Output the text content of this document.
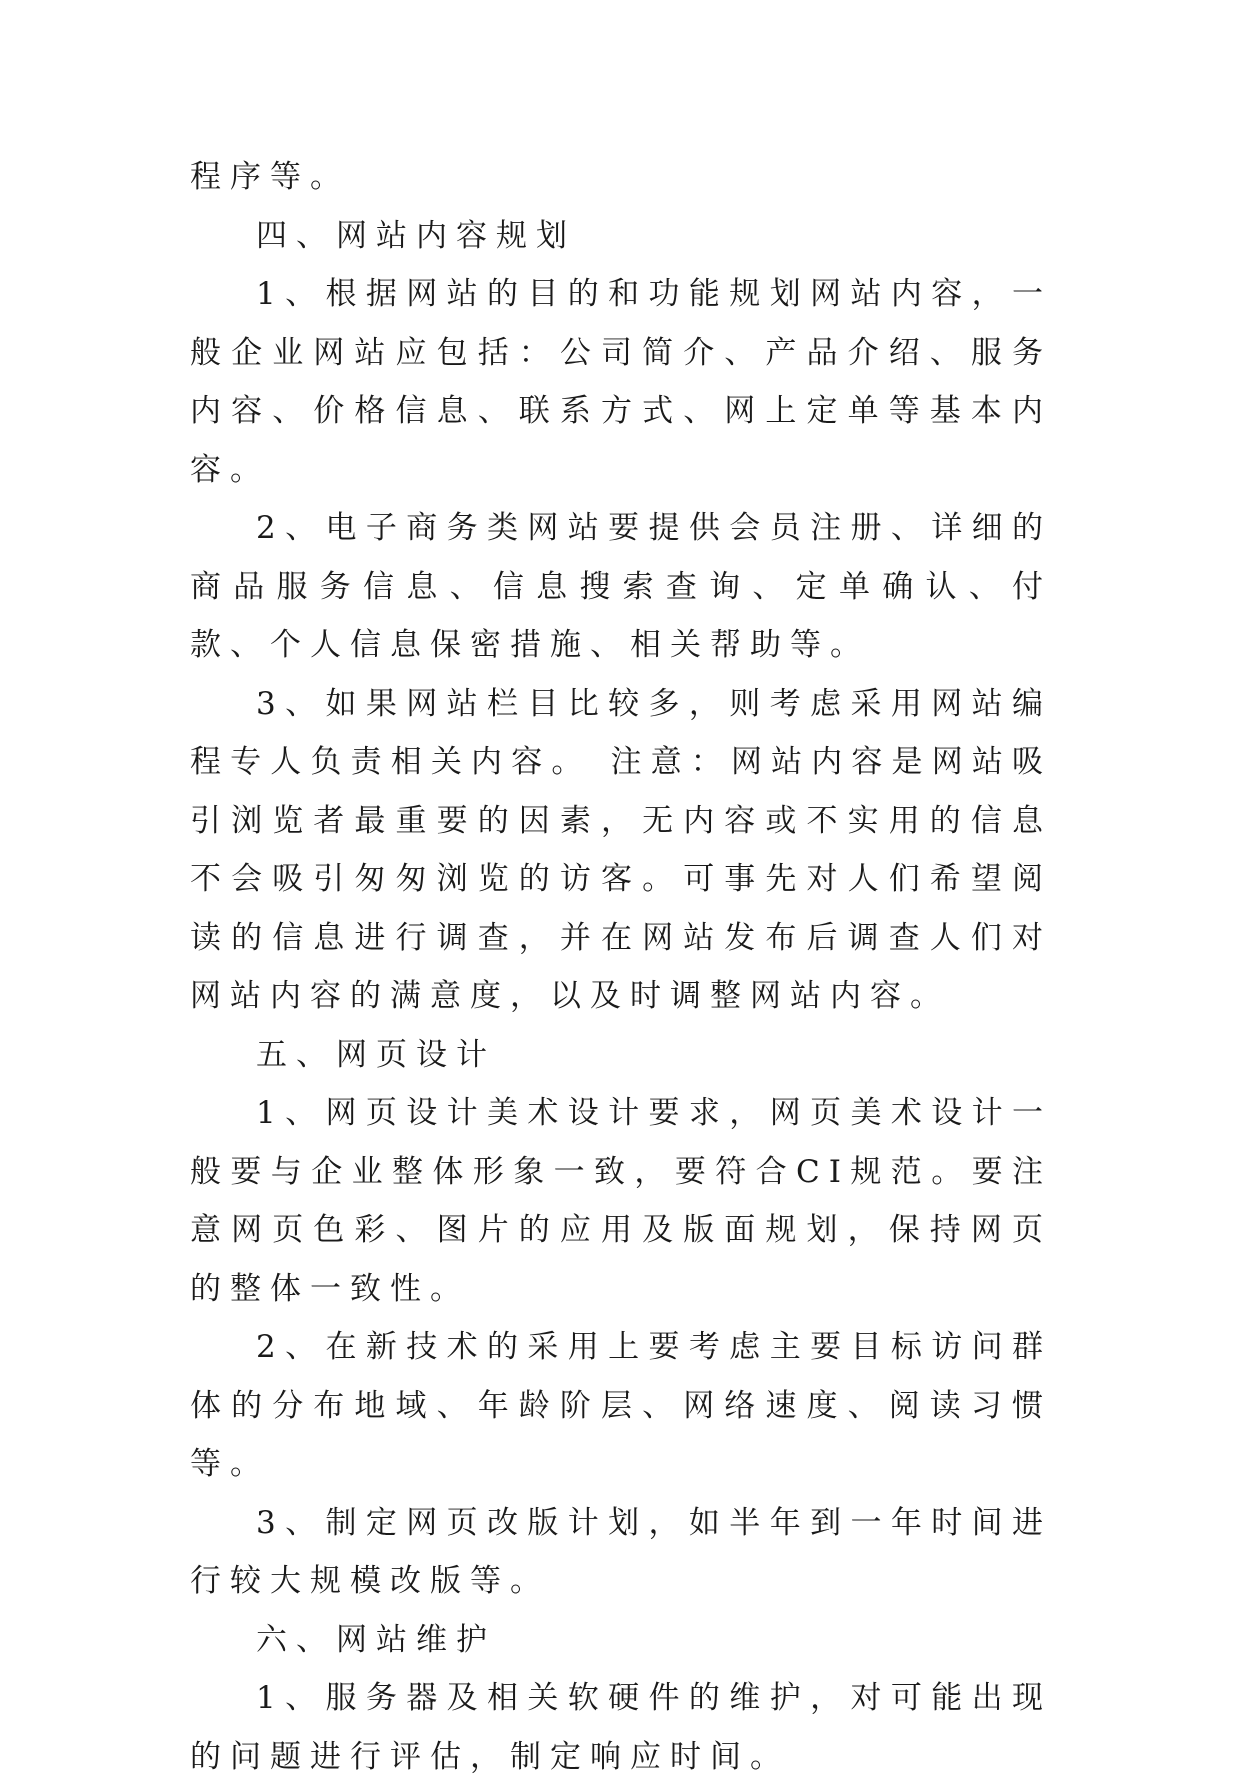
程序等。

四、网站内容规划

1、根据网站的目的和功能规划网站内容，一般企业网站应包括：公司简介、产品介绍、服务内容、价格信息、联系方式、网上定单等基本内容。

2、电子商务类网站要提供会员注册、详细的商品服务信息、信息搜索查询、定单确认、付款、个人信息保密措施、相关帮助等。

3、如果网站栏目比较多，则考虑采用网站编程专人负责相关内容。 注意：网站内容是网站吸引浏览者最重要的因素，无内容或不实用的信息不会吸引匆匆浏览的访客。可事先对人们希望阅读的信息进行调查，并在网站发布后调查人们对网站内容的满意度，以及时调整网站内容。

五、网页设计

1、网页设计美术设计要求，网页美术设计一般要与企业整体形象一致，要符合CI规范。要注意网页色彩、图片的应用及版面规划，保持网页的整体一致性。

2、在新技术的采用上要考虑主要目标访问群体的分布地域、年龄阶层、网络速度、阅读习惯等。

3、制定网页改版计划，如半年到一年时间进行较大规模改版等。

六、网站维护

1、服务器及相关软硬件的维护，对可能出现的问题进行评估，制定响应时间。
